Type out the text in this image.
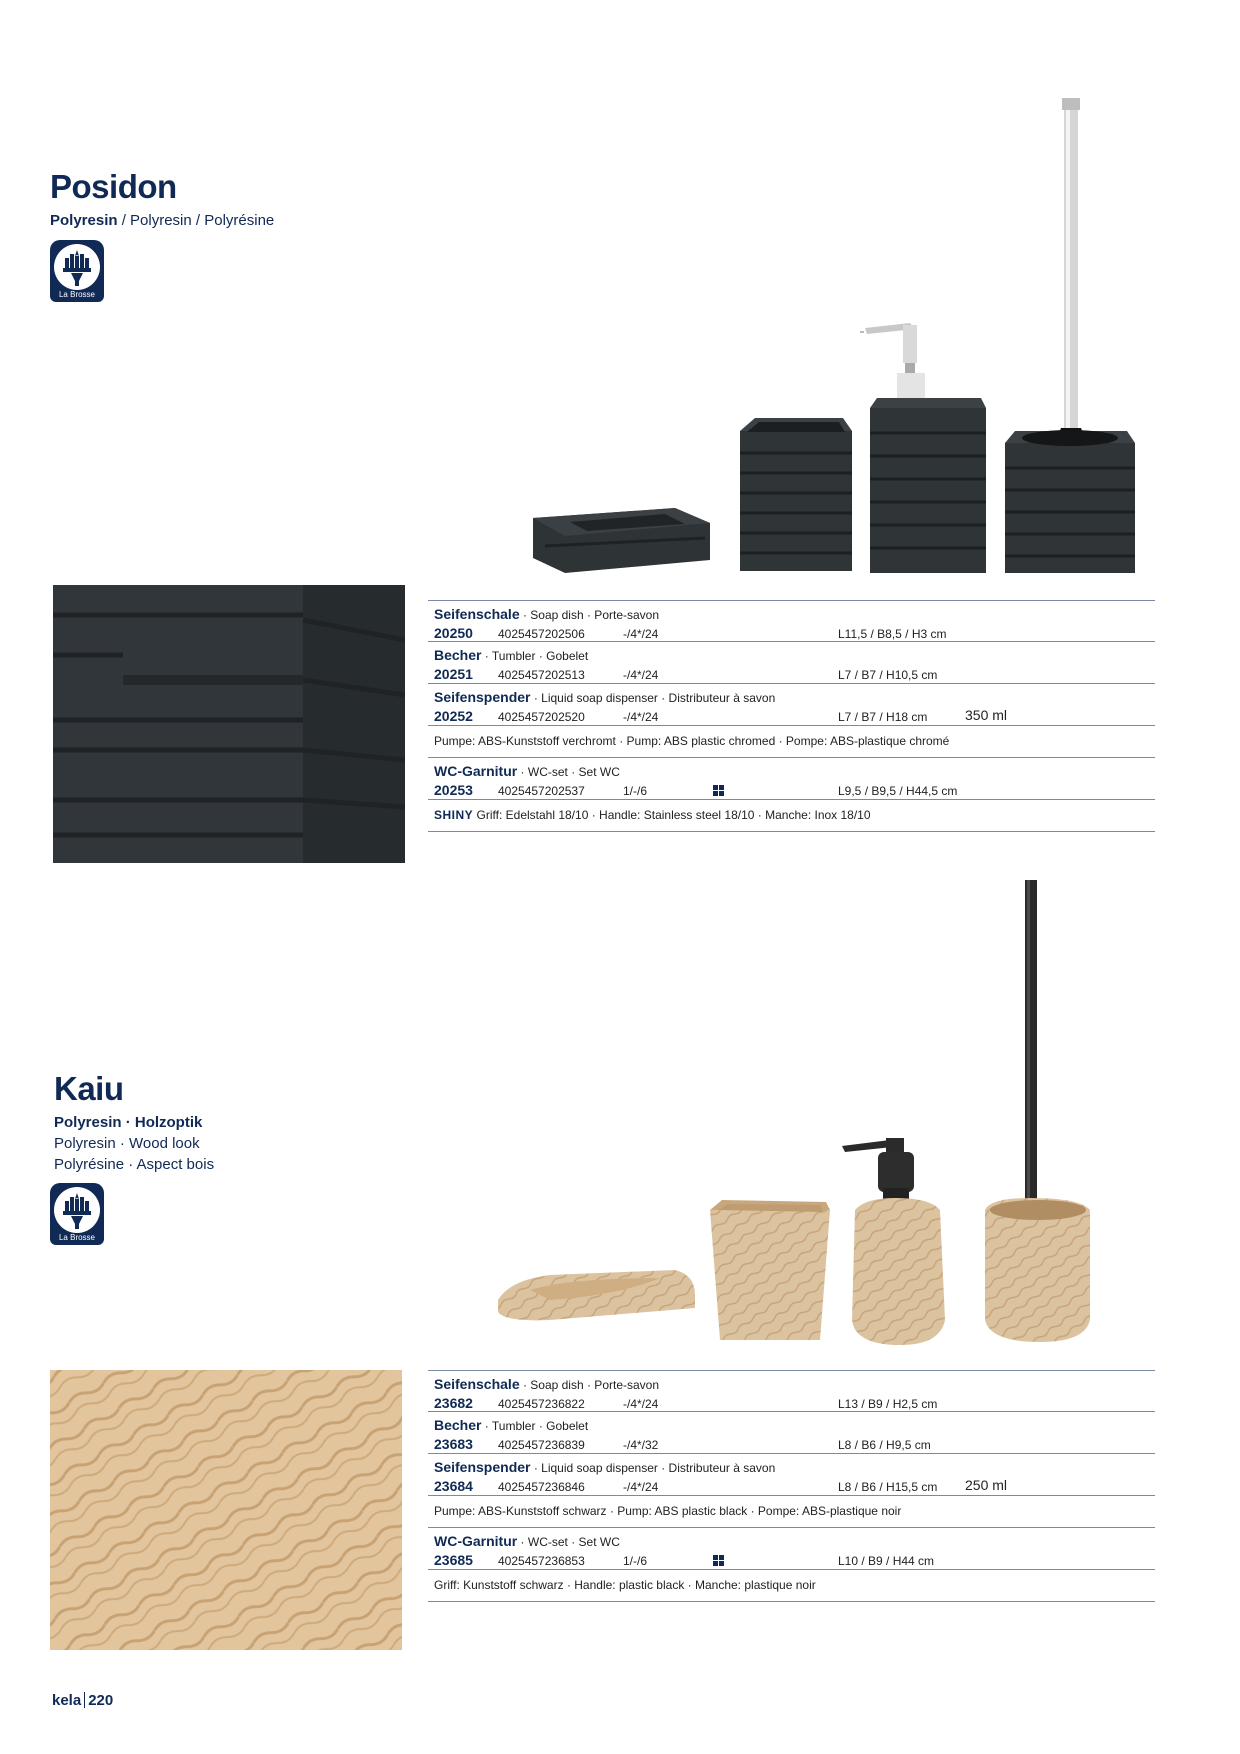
Posidon
Polyresin / Polyresin / Polyrésine
La Brosse
Seifenschale · Soap dish · Porte-savon
20250 4025457202506	-/4*/24	L11,5 / B8,5 / H3 cm
Becher · Tumbler · Gobelet
20251 4025457202513	-/4*/24	L7 / B7 / H10,5 cm
Seifenspender · Liquid soap dispenser · Distributeur à savon
20252 4025457202520	-/4*/24	L7 / B7 / H18 cm	350 ml
Pumpe: ABS-Kunststoff verchromt · Pump: ABS plastic chromed · Pompe: ABS-plastique chromé
WC-Garnitur · WC-set · Set WC
20253 4025457202537	1/-/6	L9,5 / B9,5 / H44,5 cm
SHINY Griff: Edelstahl 18/10 · Handle: Stainless steel 18/10 · Manche: Inox 18/10
Kaiu
Polyresin · Holzoptik
Polyresin · Wood look
Polyrésine · Aspect bois
La Brosse
Seifenschale · Soap dish · Porte-savon
23682 4025457236822	-/4*/24	L13 / B9 / H2,5 cm
Becher · Tumbler · Gobelet
23683 4025457236839	-/4*/32	L8 / B6 / H9,5 cm
Seifenspender · Liquid soap dispenser · Distributeur à savon
23684 4025457236846	-/4*/24	L8 / B6 / H15,5 cm 250 ml
Pumpe: ABS-Kunststoff schwarz · Pump: ABS plastic black · Pompe: ABS-plastique noir
WC-Garnitur · WC-set · Set WC
23685 4025457236853	1/-/6	L10 / B9 / H44 cm
Griff: Kunststoff schwarz · Handle: plastic black · Manche: plastique noir
kela 220
